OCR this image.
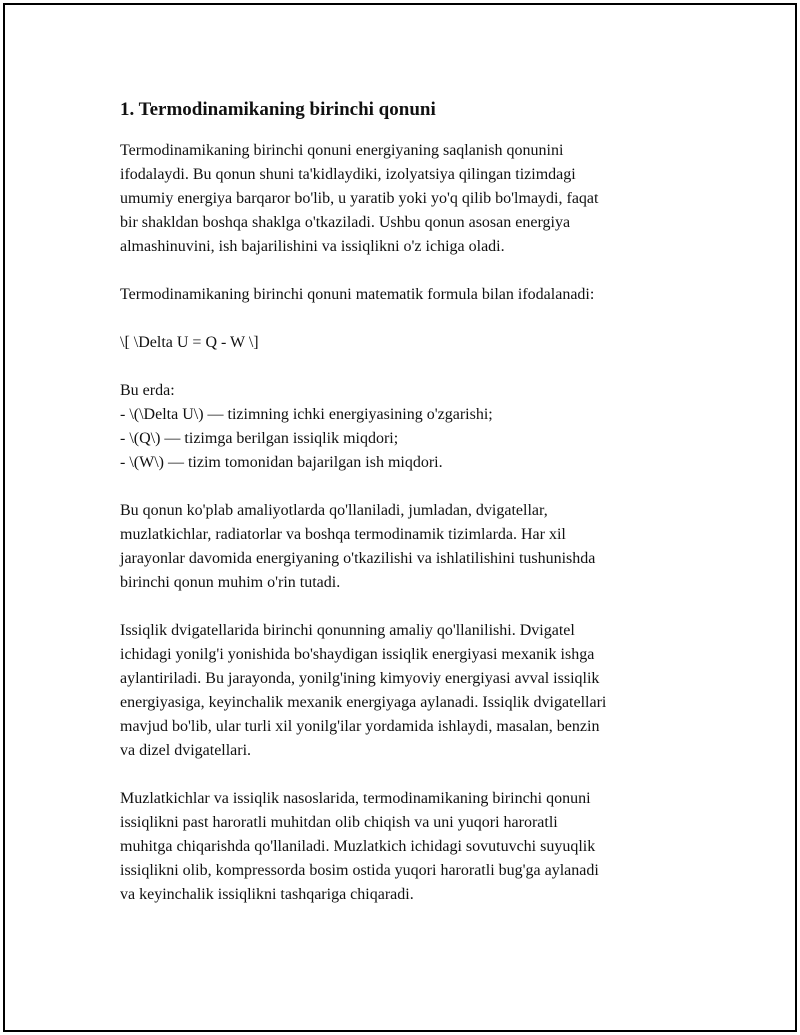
1. Termodinamikaning birinchi qonuni

Termodinamikaning birinchi qonuni energiyaning saqlanish qonunini
ifodalaydi. Bu qonun shuni ta'kidlaydiki, izolyatsiya qilingan tizimdagi
umumiy energiya barqaror bo'lib, u yaratib yoki yo'q qilib bo'lmaydi, faqat
bir shakldan boshqa shaklga o'tkaziladi. Ushbu qonun asosan energiya
almashinuvini, ish bajarilishini va issiqlikni o'z ichiga oladi.

Termodinamikaning birinchi qonuni matematik formula bilan ifodalanadi:

\[ \Delta U = Q - W \]

Bu erda:
- \(\Delta U\) — tizimning ichki energiyasining o'zgarishi;
- \(Q\) — tizimga berilgan issiqlik miqdori;
- \(W\) — tizim tomonidan bajarilgan ish miqdori.

Bu qonun ko'plab amaliyotlarda qo'llaniladi, jumladan, dvigatellar,
muzlatkichlar, radiatorlar va boshqa termodinamik tizimlarda. Har xil
jarayonlar davomida energiyaning o'tkazilishi va ishlatilishini tushunishda
birinchi qonun muhim o'rin tutadi.

Issiqlik dvigatellarida birinchi qonunning amaliy qo'llanilishi. Dvigatel
ichidagi yonilg'i yonishida bo'shaydigan issiqlik energiyasi mexanik ishga
aylantiriladi. Bu jarayonda, yonilg'ining kimyoviy energiyasi avval issiqlik
energiyasiga, keyinchalik mexanik energiyaga aylanadi. Issiqlik dvigatellari
mavjud bo'lib, ular turli xil yonilg'ilar yordamida ishlaydi, masalan, benzin
va dizel dvigatellari.

Muzlatkichlar va issiqlik nasoslarida, termodinamikaning birinchi qonuni
issiqlikni past haroratli muhitdan olib chiqish va uni yuqori haroratli
muhitga chiqarishda qo'llaniladi. Muzlatkich ichidagi sovutuvchi suyuqlik
issiqlikni olib, kompressorda bosim ostida yuqori haroratli bug'ga aylanadi
va keyinchalik issiqlikni tashqariga chiqaradi.
